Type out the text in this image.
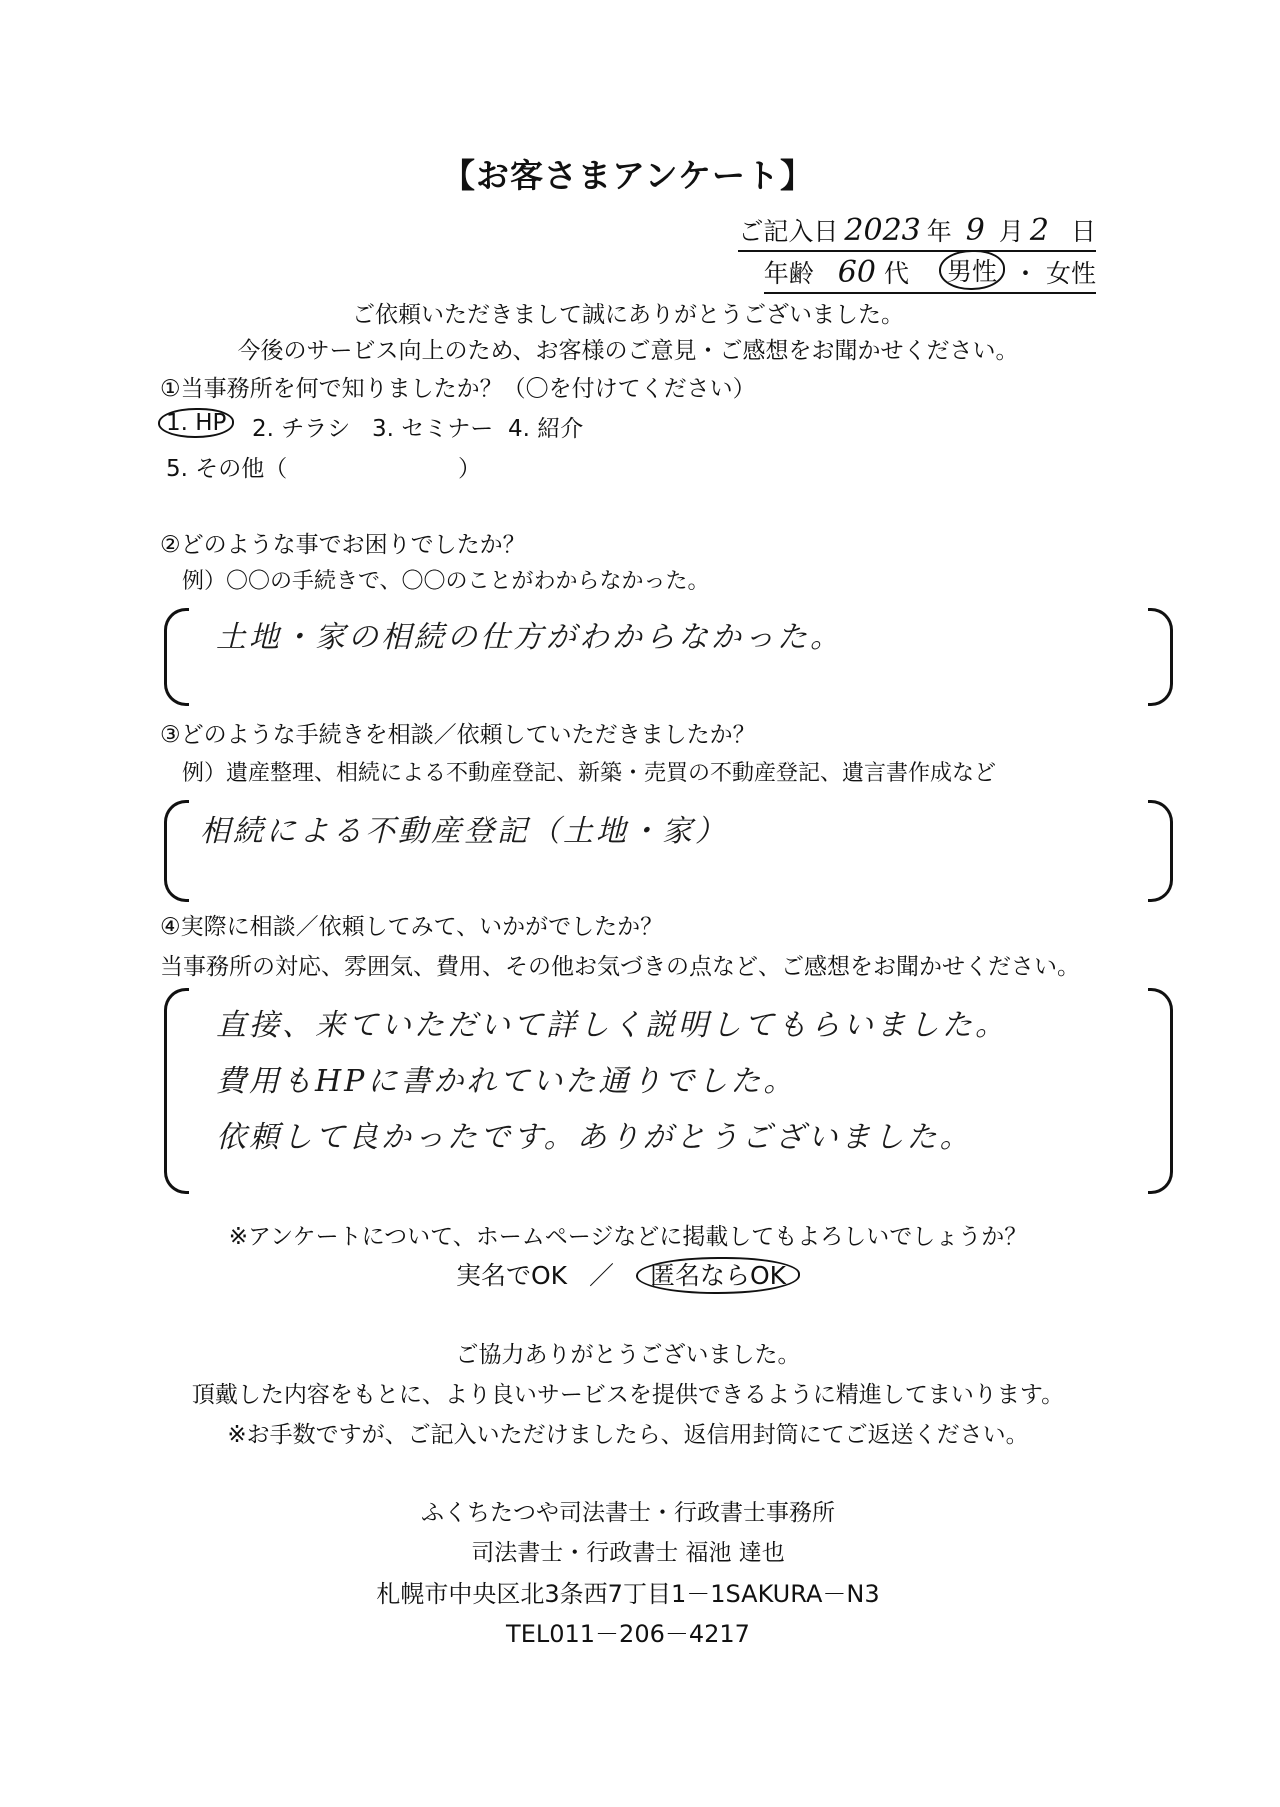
【お客さまアンケート】
ご記入日 2023 年 9 月 2 日
年齢 60 代	男性 ・ 女性
ご依頼いただきまして誠にありがとうございました。
今後のサービス向上のため、お客様のご意見・ご感想をお聞かせください。
①当事務所を何で知りましたか？（〇を付けてください）
1. HP	2. チラシ 3. セミナー 4. 紹介
5. その他（	）
②どのような事でお困りでしたか？
例）〇〇の手続きで、〇〇のことがわからなかった。
土地・家の相続の仕方がわからなかった。
③どのような手続きを相談／依頼していただきましたか？
例）遺産整理、相続による不動産登記、新築・売買の不動産登記、遺言書作成など
相続による不動産登記（土地・家）
④実際に相談／依頼してみて、いかがでしたか？
当事務所の対応、雰囲気、費用、その他お気づきの点など、ご感想をお聞かせください。
直接、来ていただいて詳しく説明してもらいました。
費用もHPに書かれていた通りでした。
依頼して良かったです。ありがとうございました。
※アンケートについて、ホームページなどに掲載してもよろしいでしょうか？
実名でOK ／ 匿名ならOK
ご協力ありがとうございました。
頂戴した内容をもとに、より良いサービスを提供できるように精進してまいります。
※お手数ですが、ご記入いただけましたら、返信用封筒にてご返送ください。
ふくちたつや司法書士・行政書士事務所
司法書士・行政書士 福池 達也
札幌市中央区北3条西7丁目1－1SAKURA－N3
TEL011－206－4217
